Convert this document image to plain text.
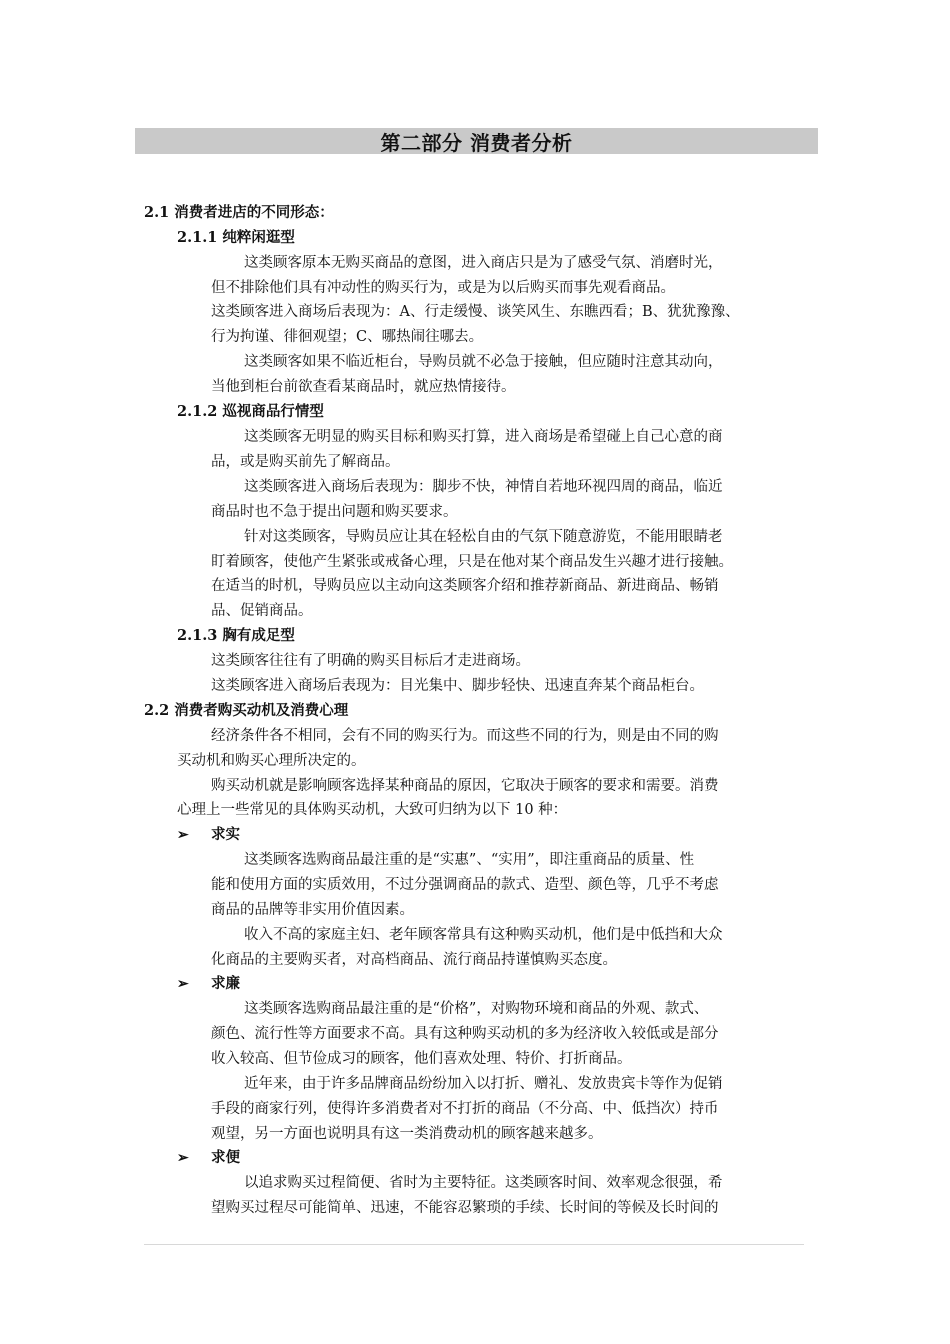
第二部分 消费者分析
2.1 消费者进店的不同形态：
2.1.1 纯粹闲逛型
这类顾客原本无购买商品的意图，进入商店只是为了感受气氛、消磨时光，
但不排除他们具有冲动性的购买行为，或是为以后购买而事先观看商品。
这类顾客进入商场后表现为：A、行走缓慢、谈笑风生、东瞧西看；B、犹犹豫豫、
行为拘谨、徘徊观望；C、哪热闹往哪去。
这类顾客如果不临近柜台，导购员就不必急于接触，但应随时注意其动向，
当他到柜台前欲查看某商品时，就应热情接待。
2.1.2 巡视商品行情型
这类顾客无明显的购买目标和购买打算，进入商场是希望碰上自己心意的商
品，或是购买前先了解商品。
这类顾客进入商场后表现为：脚步不快，神情自若地环视四周的商品，临近
商品时也不急于提出问题和购买要求。
针对这类顾客，导购员应让其在轻松自由的气氛下随意游览，不能用眼睛老
盯着顾客，使他产生紧张或戒备心理，只是在他对某个商品发生兴趣才进行接触。
在适当的时机，导购员应以主动向这类顾客介绍和推荐新商品、新进商品、畅销
品、促销商品。
2.1.3 胸有成足型
这类顾客往往有了明确的购买目标后才走进商场。
这类顾客进入商场后表现为：目光集中、脚步轻快、迅速直奔某个商品柜台。
2.2 消费者购买动机及消费心理
经济条件各不相同，会有不同的购买行为。而这些不同的行为，则是由不同的购
买动机和购买心理所决定的。
购买动机就是影响顾客选择某种商品的原因，它取决于顾客的要求和需要。消费
心理上一些常见的具体购买动机，大致可归纳为以下 10 种：
➢ 求实
这类顾客选购商品最注重的是“实惠”、“实用”，即注重商品的质量、性
能和使用方面的实质效用，不过分强调商品的款式、造型、颜色等，几乎不考虑
商品的品牌等非实用价值因素。
收入不高的家庭主妇、老年顾客常具有这种购买动机，他们是中低挡和大众
化商品的主要购买者，对高档商品、流行商品持谨慎购买态度。
➢ 求廉
这类顾客选购商品最注重的是“价格”，对购物环境和商品的外观、款式、
颜色、流行性等方面要求不高。具有这种购买动机的多为经济收入较低或是部分
收入较高、但节俭成习的顾客，他们喜欢处理、特价、打折商品。
近年来，由于许多品牌商品纷纷加入以打折、赠礼、发放贵宾卡等作为促销
手段的商家行列，使得许多消费者对不打折的商品（不分高、中、低挡次）持币
观望，另一方面也说明具有这一类消费动机的顾客越来越多。
➢ 求便
以追求购买过程简便、省时为主要特征。这类顾客时间、效率观念很强，希
望购买过程尽可能简单、迅速，不能容忍繁琐的手续、长时间的等候及长时间的
